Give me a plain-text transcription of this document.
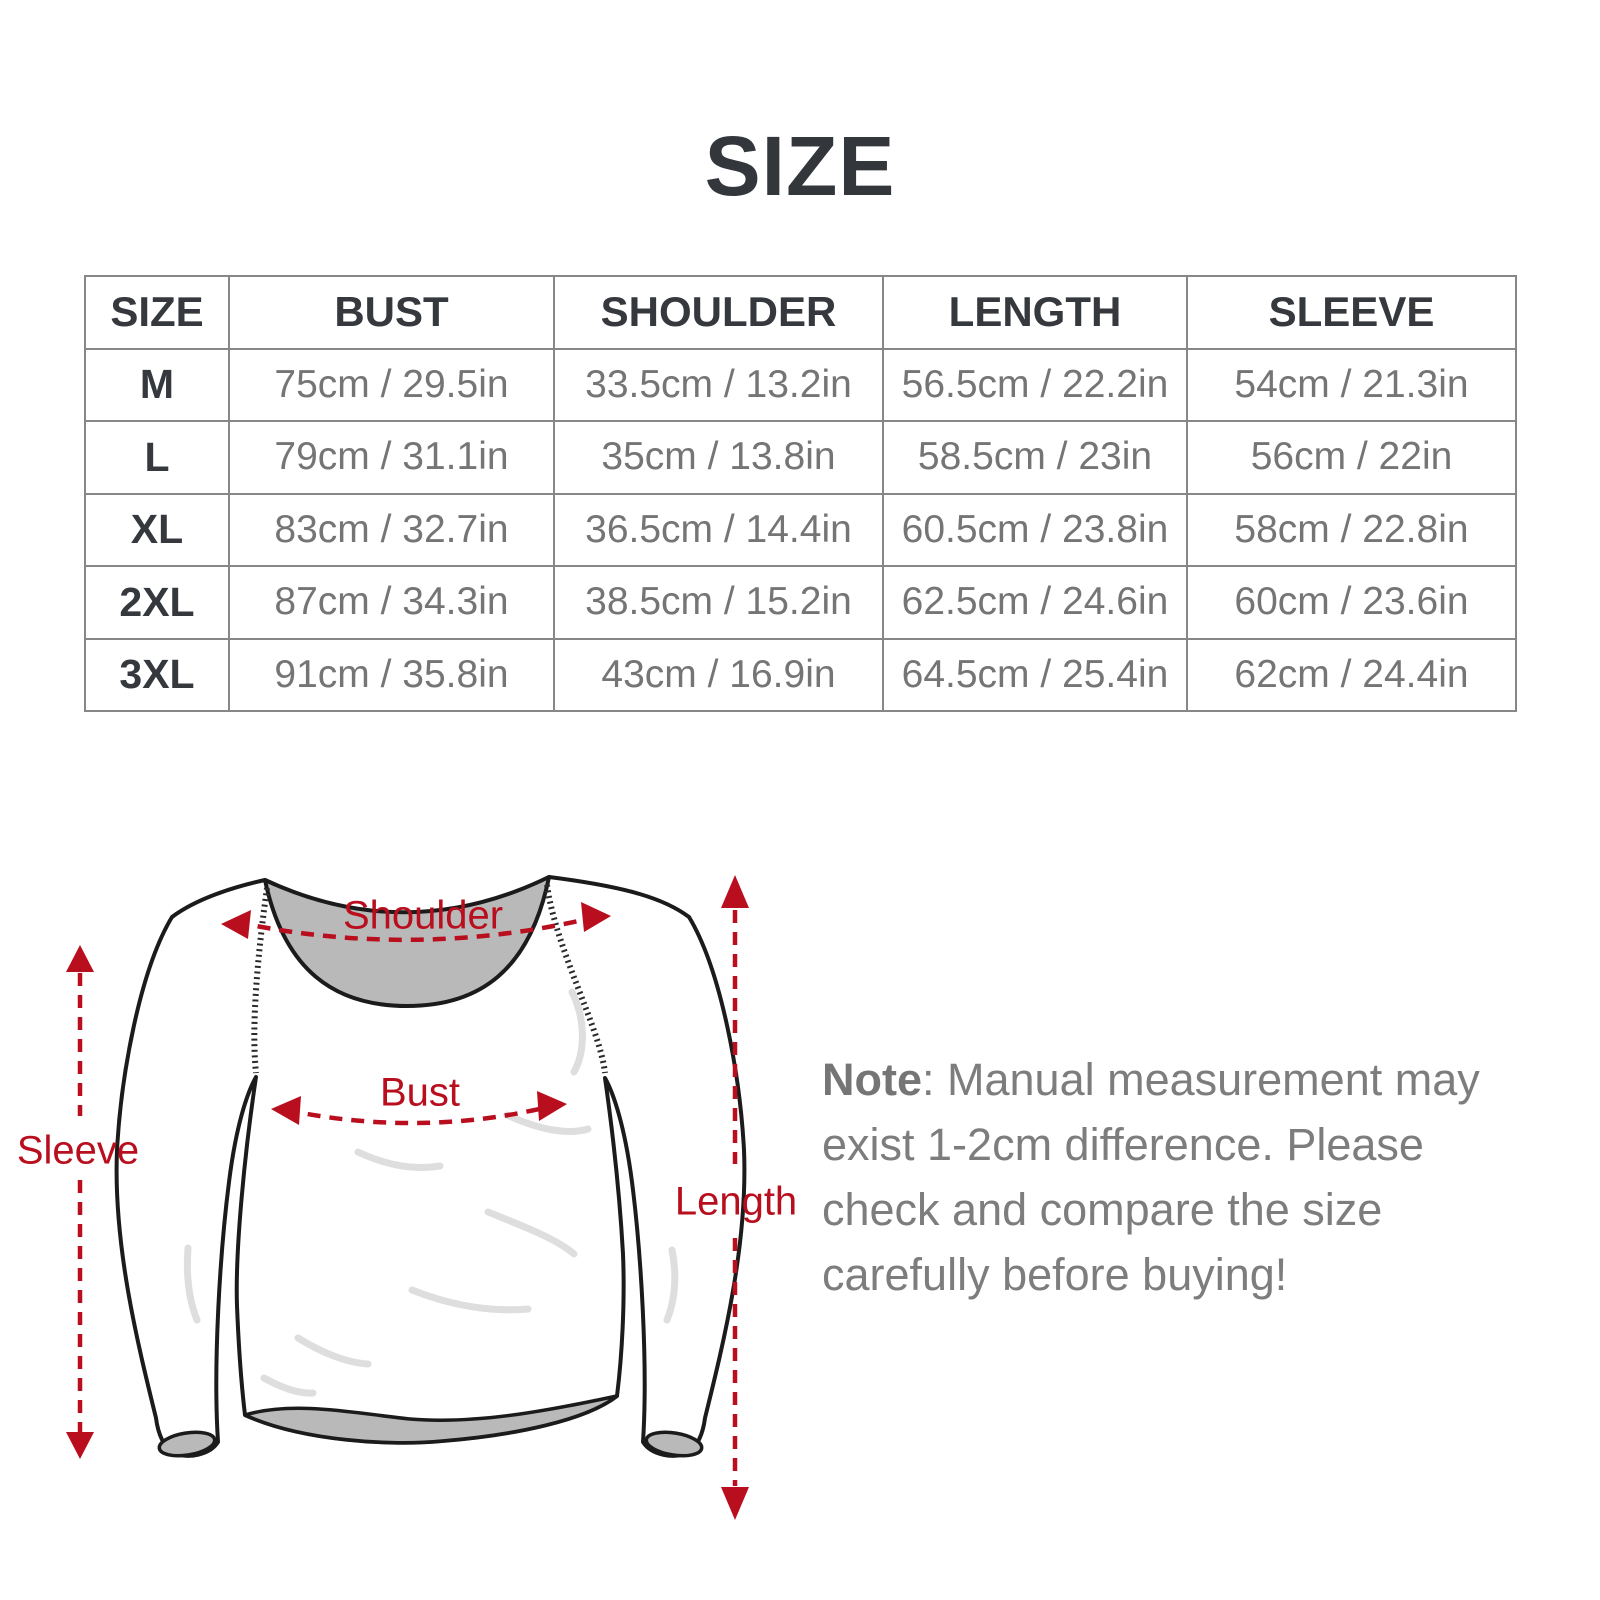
SIZE
SIZE	BUST	SHOULDER	LENGTH	SLEEVE
M	75cm / 29.5in	33.5cm / 13.2in	56.5cm / 22.2in	54cm / 21.3in
L	79cm / 31.1in	35cm / 13.8in	58.5cm / 23in	56cm / 22in
XL	83cm / 32.7in	36.5cm / 14.4in	60.5cm / 23.8in	58cm / 22.8in
2XL	87cm / 34.3in	38.5cm / 15.2in	62.5cm / 24.6in	60cm / 23.6in
3XL	91cm / 35.8in	43cm / 16.9in	64.5cm / 25.4in	62cm / 24.4in
Shoulder
Bust
Sleeve
Length

Note: Manual measurement may exist 1-2cm difference. Please check and compare the size carefully before buying!
